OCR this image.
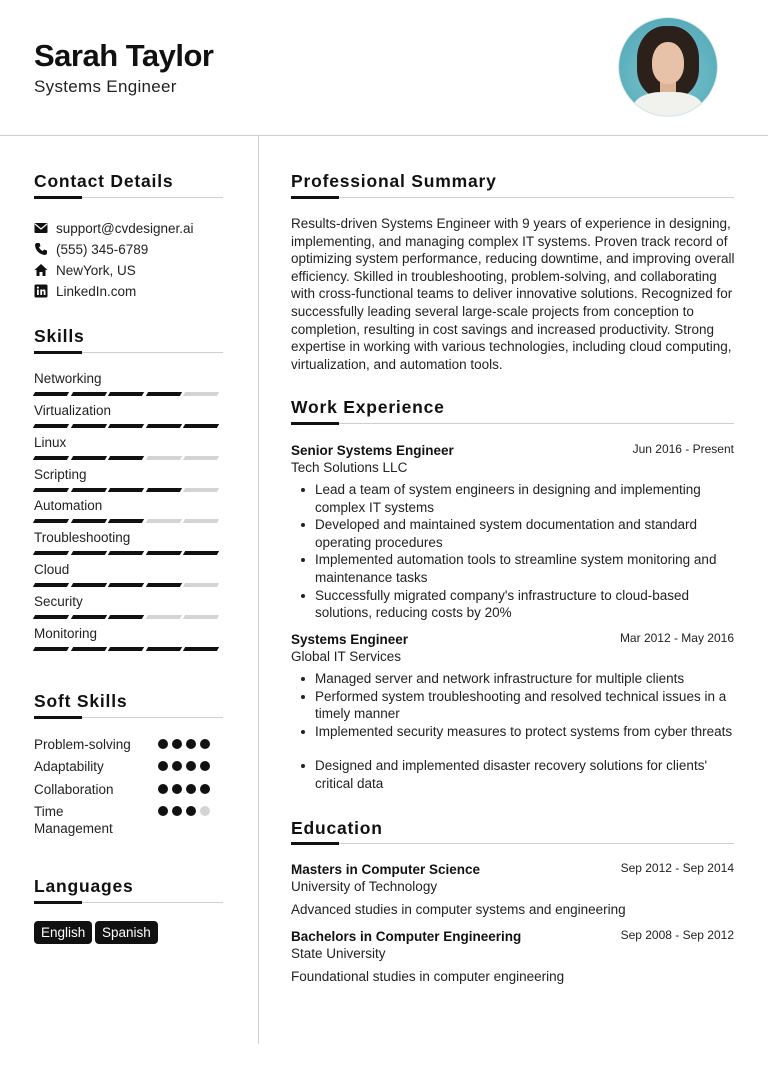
Sarah Taylor
Systems Engineer
Contact Details
support@cvdesigner.ai
(555) 345-6789
NewYork, US
LinkedIn.com
Skills
Networking
Virtualization
Linux
Scripting
Automation
Troubleshooting
Cloud
Security
Monitoring
Soft Skills
Problem-solving
Adaptability
Collaboration
Time Management
Languages
English	Spanish
Professional Summary
Results-driven Systems Engineer with 9 years of experience in designing, implementing, and managing complex IT systems. Proven track record of optimizing system performance, reducing downtime, and improving overall efficiency. Skilled in troubleshooting, problem-solving, and collaborating with cross-functional teams to deliver innovative solutions. Recognized for successfully leading several large-scale projects from conception to completion, resulting in cost savings and increased productivity. Strong expertise in working with various technologies, including cloud computing, virtualization, and automation tools.
Work Experience
Senior Systems Engineer	Jun 2016 - Present
Tech Solutions LLC
Lead a team of system engineers in designing and implementing complex IT systems
Developed and maintained system documentation and standard operating procedures
Implemented automation tools to streamline system monitoring and maintenance tasks
Successfully migrated company's infrastructure to cloud-based solutions, reducing costs by 20%
Systems Engineer	Mar 2012 - May 2016
Global IT Services
Managed server and network infrastructure for multiple clients
Performed system troubleshooting and resolved technical issues in a timely manner
Implemented security measures to protect systems from cyber threats
Designed and implemented disaster recovery solutions for clients' critical data
Education
Masters in Computer Science	Sep 2012 - Sep 2014
University of Technology
Advanced studies in computer systems and engineering
Bachelors in Computer Engineering	Sep 2008 - Sep 2012
State University
Foundational studies in computer engineering
